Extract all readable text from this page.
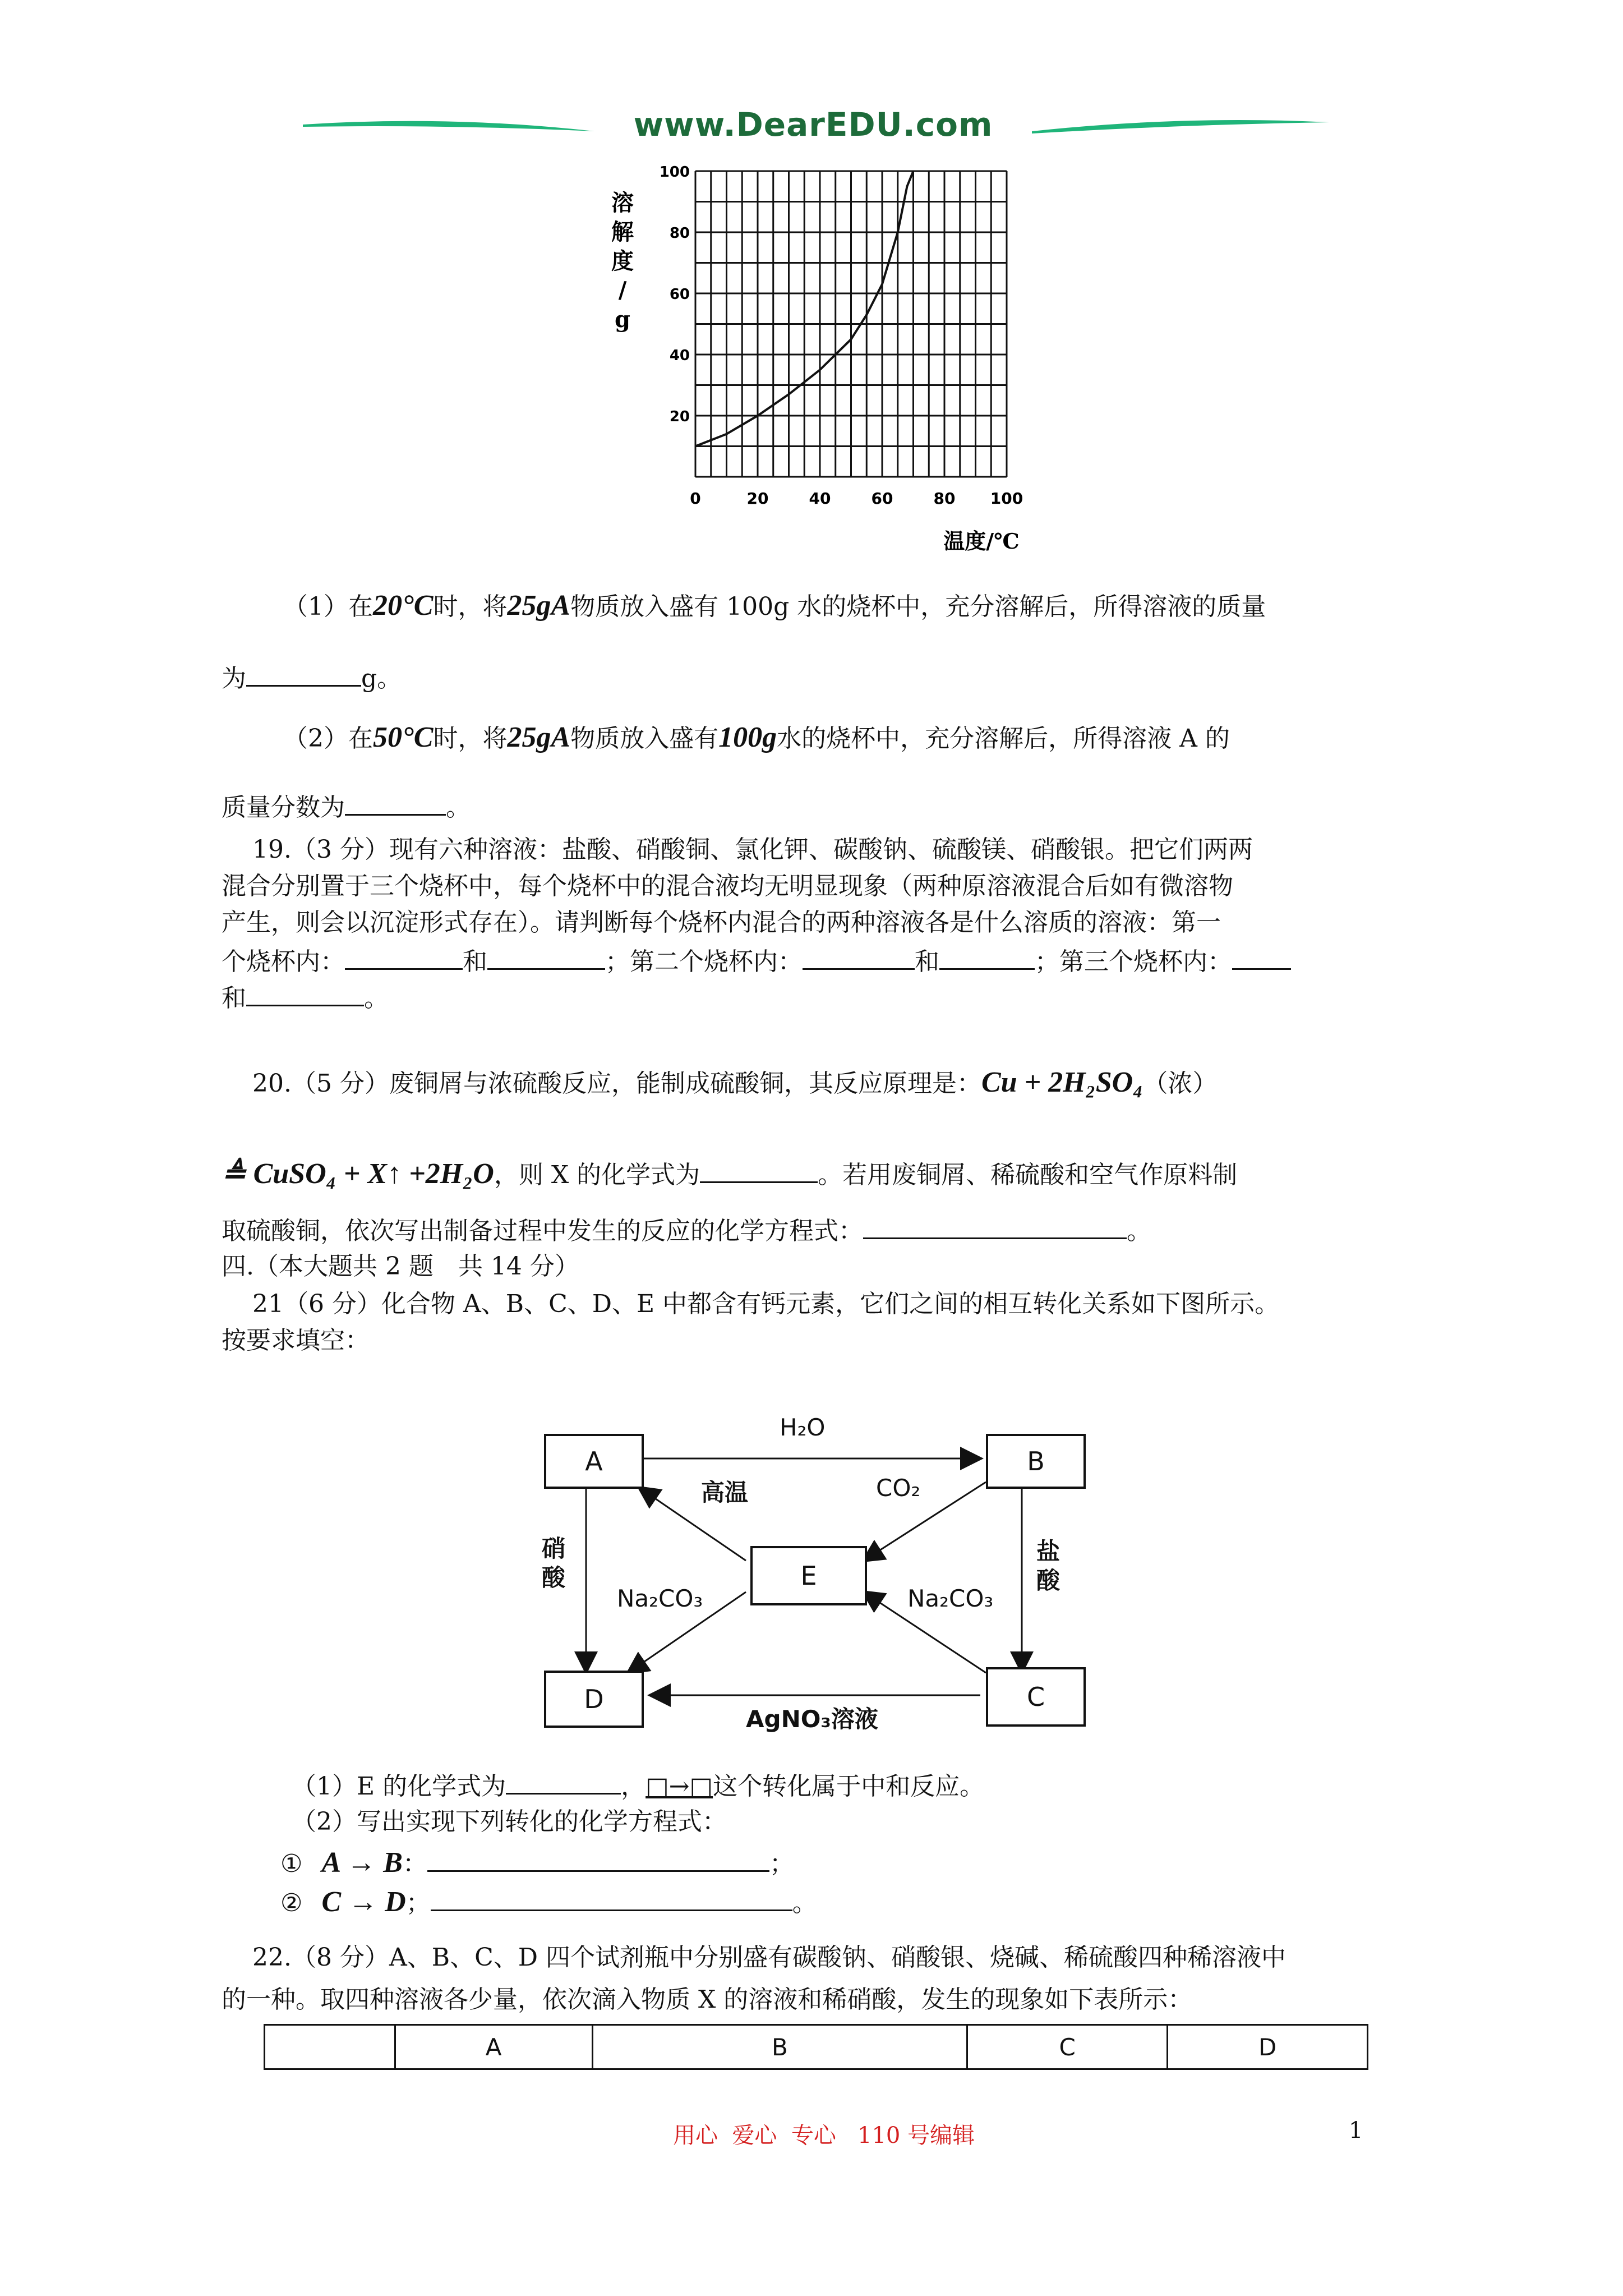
www.DearEDU.com
0	20	40	60	80 100
20
40
60
80
100
溶
解
度
/
g
温度/℃
（1）在20°C时，将25gA物质放入盛有 100g 水的烧杯中，充分溶解后，所得溶液的质量
为	g。
（2）在50°C时，将25gA物质放入盛有100g水的烧杯中，充分溶解后，所得溶液 A 的
质量分数为	。
19.（3 分）现有六种溶液：盐酸、硝酸铜、氯化钾、碳酸钠、硫酸镁、硝酸银。把它们两两
混合分别置于三个烧杯中，每个烧杯中的混合液均无明显现象（两种原溶液混合后如有微溶物
产生，则会以沉淀形式存在）。请判断每个烧杯内混合的两种溶液各是什么溶质的溶液：第一
个烧杯内：	和	；第二个烧杯内：	和	；第三个烧杯内：
和	。
20.（5 分）废铜屑与浓硫酸反应，能制成硫酸铜，其反应原理是：Cu + 2H₂SO₄（浓）
≜ CuSO₄ + X↑ +2H₂O，则 X 的化学式为	。若用废铜屑、稀硫酸和空气作原料制
取硫酸铜，依次写出制备过程中发生的反应的化学方程式：	。
四.（本大题共 2 题　共 14 分）
21（6 分）化合物 A、B、C、D、E 中都含有钙元素，它们之间的相互转化关系如下图所示。
按要求填空：
A	B
E
D	C
H₂O
高温	CO₂
硝
酸
盐
酸
Na₂CO₃	Na₂CO₃
AgNO₃溶液
（1）E 的化学式为	，□→□这个转化属于中和反应。
（2）写出实现下列转化的化学方程式：
① A → B：	；
② C → D；	。
22.（8 分）A、B、C、D 四个试剂瓶中分别盛有碳酸钠、硝酸银、烧碱、稀硫酸四种稀溶液中
的一种。取四种溶液各少量，依次滴入物质 X 的溶液和稀硝酸，发生的现象如下表所示：
	A	B	C	D
用心  爱心  专心   110 号编辑	1
